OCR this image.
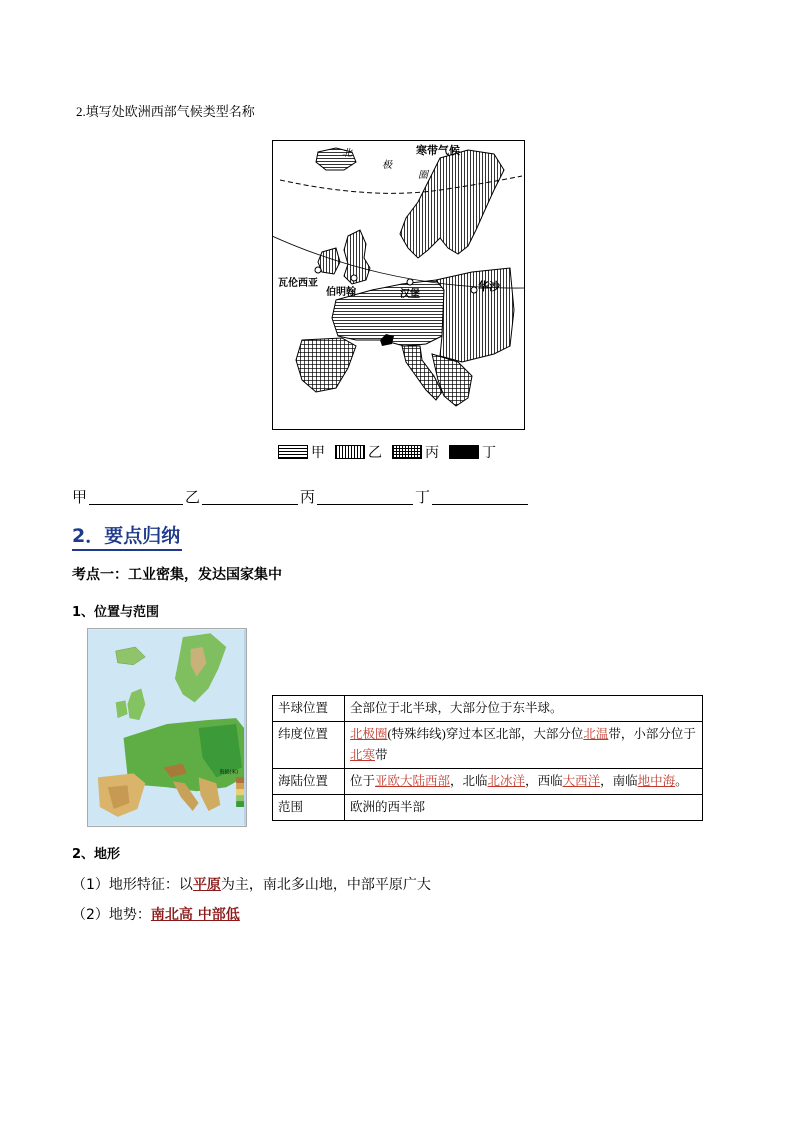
2.填写处欧洲西部气候类型名称
北
极
圈
寒带气候
瓦伦西亚
伯明翰	汉堡
华沙
甲	乙	丙	丁
甲	乙	丙	丁
2．要点归纳
考点一：工业密集，发达国家集中
1、位置与范围
海拔(米)
半球位置	全部位于北半球，大部分位于东半球。
纬度位置	北极圈(特殊纬线)穿过本区北部，大部分位北温带，小部分位于
北寒带
海陆位置	位于亚欧大陆西部，北临北冰洋，西临大西洋，南临地中海。
范围	欧洲的西半部
2、地形
（1）地形特征：以平原为主，南北多山地，中部平原广大
（2）地势：南北高 中部低
